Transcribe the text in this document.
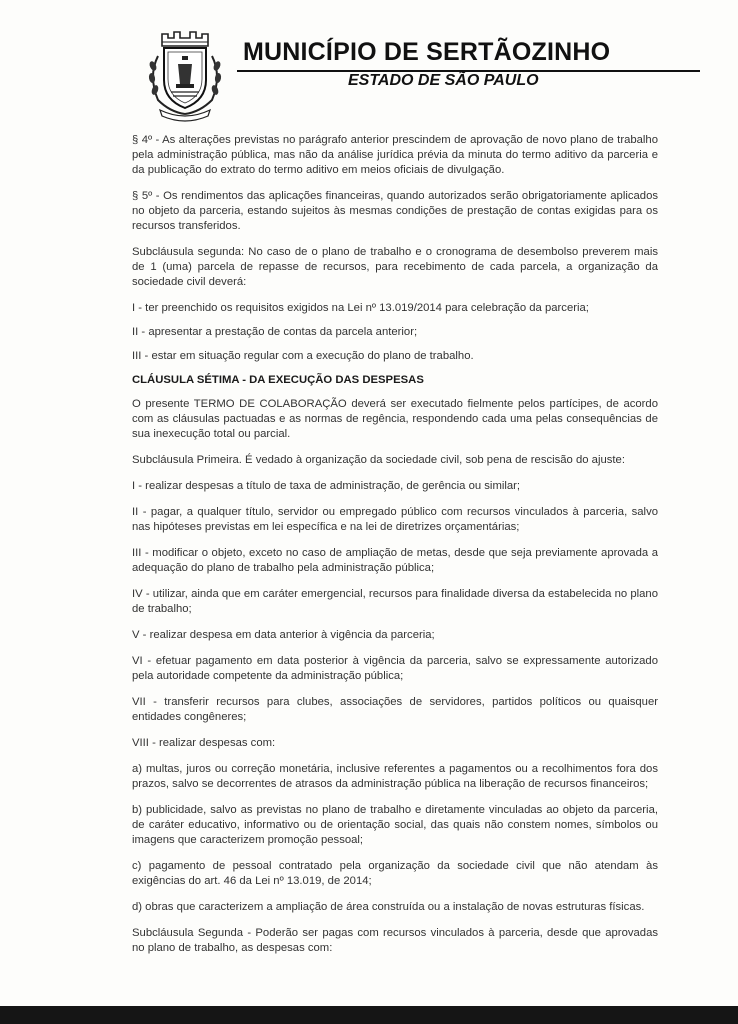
MUNICÍPIO DE SERTÃOZINHO
ESTADO DE SÃO PAULO

§ 4º - As alterações previstas no parágrafo anterior prescindem de aprovação de novo plano de trabalho pela administração pública, mas não da análise jurídica prévia da minuta do termo aditivo da parceria e da publicação do extrato do termo aditivo em meios oficiais de divulgação.

§ 5º - Os rendimentos das aplicações financeiras, quando autorizados serão obrigatoriamente aplicados no objeto da parceria, estando sujeitos às mesmas condições de prestação de contas exigidas para os recursos transferidos.

Subcláusula segunda: No caso de o plano de trabalho e o cronograma de desembolso preverem mais de 1 (uma) parcela de repasse de recursos, para recebimento de cada parcela, a organização da sociedade civil deverá:

I - ter preenchido os requisitos exigidos na Lei nº 13.019/2014 para celebração da parceria;

II - apresentar a prestação de contas da parcela anterior;

III - estar em situação regular com a execução do plano de trabalho.

CLÁUSULA SÉTIMA - DA EXECUÇÃO DAS DESPESAS

O presente TERMO DE COLABORAÇÃO deverá ser executado fielmente pelos partícipes, de acordo com as cláusulas pactuadas e as normas de regência, respondendo cada uma pelas consequências de sua inexecução total ou parcial.

Subcláusula Primeira. É vedado à organização da sociedade civil, sob pena de rescisão do ajuste:

I - realizar despesas a título de taxa de administração, de gerência ou similar;

II - pagar, a qualquer título, servidor ou empregado público com recursos vinculados à parceria, salvo nas hipóteses previstas em lei específica e na lei de diretrizes orçamentárias;

III - modificar o objeto, exceto no caso de ampliação de metas, desde que seja previamente aprovada a adequação do plano de trabalho pela administração pública;

IV - utilizar, ainda que em caráter emergencial, recursos para finalidade diversa da estabelecida no plano de trabalho;

V - realizar despesa em data anterior à vigência da parceria;

VI - efetuar pagamento em data posterior à vigência da parceria, salvo se expressamente autorizado pela autoridade competente da administração pública;

VII - transferir recursos para clubes, associações de servidores, partidos políticos ou quaisquer entidades congêneres;

VIII - realizar despesas com:

a) multas, juros ou correção monetária, inclusive referentes a pagamentos ou a recolhimentos fora dos prazos, salvo se decorrentes de atrasos da administração pública na liberação de recursos financeiros;

b) publicidade, salvo as previstas no plano de trabalho e diretamente vinculadas ao objeto da parceria, de caráter educativo, informativo ou de orientação social, das quais não constem nomes, símbolos ou imagens que caracterizem promoção pessoal;

c) pagamento de pessoal contratado pela organização da sociedade civil que não atendam às exigências do art. 46 da Lei nº 13.019, de 2014;

d) obras que caracterizem a ampliação de área construída ou a instalação de novas estruturas físicas.

Subcláusula Segunda - Poderão ser pagas com recursos vinculados à parceria, desde que aprovadas no plano de trabalho, as despesas com:
